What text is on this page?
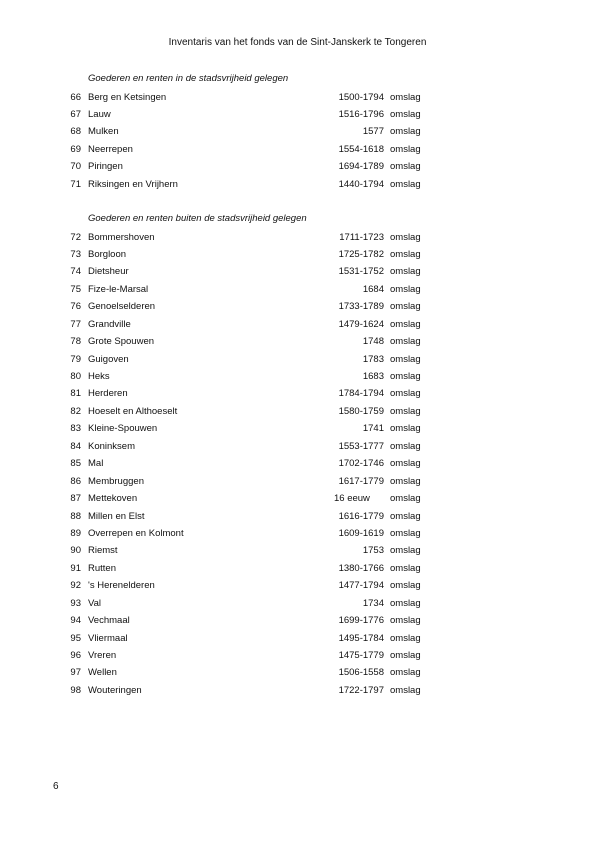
Inventaris van het fonds van de Sint-Janskerk te Tongeren
Goederen en renten in de stadsvrijheid gelegen
66 Berg en Ketsingen	1500-1794 omslag
67 Lauw	1516-1796 omslag
68 Mulken	1577 omslag
69 Neerrepen	1554-1618 omslag
70 Piringen	1694-1789 omslag
71 Riksingen en Vrijhern	1440-1794 omslag
Goederen en renten buiten de stadsvrijheid gelegen
72 Bommershoven	1711-1723 omslag
73 Borgloon	1725-1782 omslag
74 Dietsheur	1531-1752 omslag
75 Fize-le-Marsal	1684 omslag
76 Genoelselderen	1733-1789 omslag
77 Grandville	1479-1624 omslag
78 Grote Spouwen	1748 omslag
79 Guigoven	1783 omslag
80 Heks	1683 omslag
81 Herderen	1784-1794 omslag
82 Hoeselt en Althoeselt	1580-1759 omslag
83 Kleine-Spouwen	1741 omslag
84 Koninksem	1553-1777 omslag
85 Mal	1702-1746 omslag
86 Membruggen	1617-1779 omslag
87 Mettekoven	16 eeuw omslag
88 Millen en Elst	1616-1779 omslag
89 Overrepen en Kolmont	1609-1619 omslag
90 Riemst	1753 omslag
91 Rutten	1380-1766 omslag
92 's Herenelderen	1477-1794 omslag
93 Val	1734 omslag
94 Vechmaal	1699-1776 omslag
95 Vliermaal	1495-1784 omslag
96 Vreren	1475-1779 omslag
97 Wellen	1506-1558 omslag
98 Wouteringen	1722-1797 omslag
6
